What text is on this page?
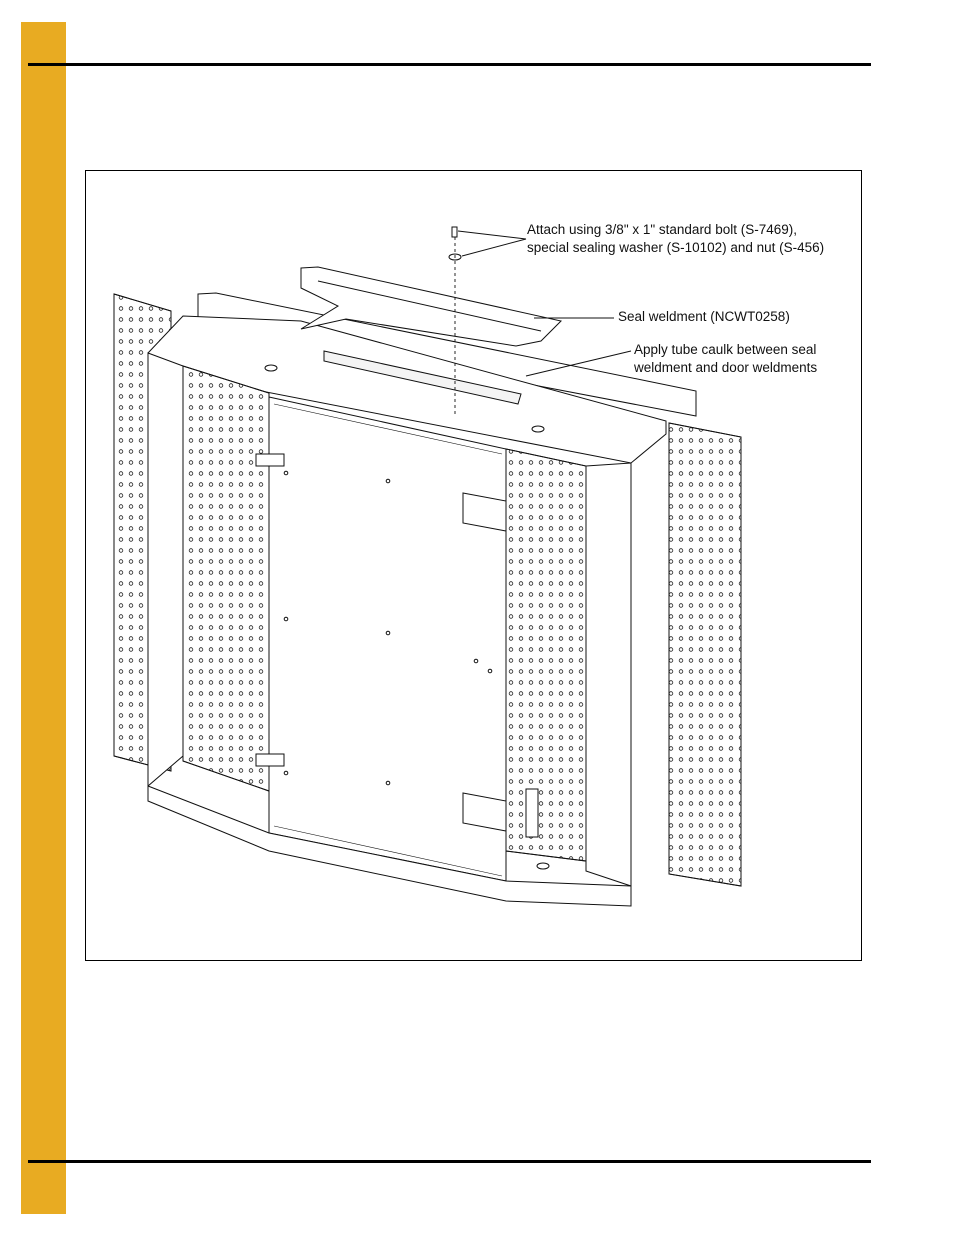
Attach using 3/8" x 1" standard bolt (S-7469),
special sealing washer (S-10102) and nut (S-456)
Seal weldment (NCWT0258)
Apply tube caulk between seal
weldment and door weldments
